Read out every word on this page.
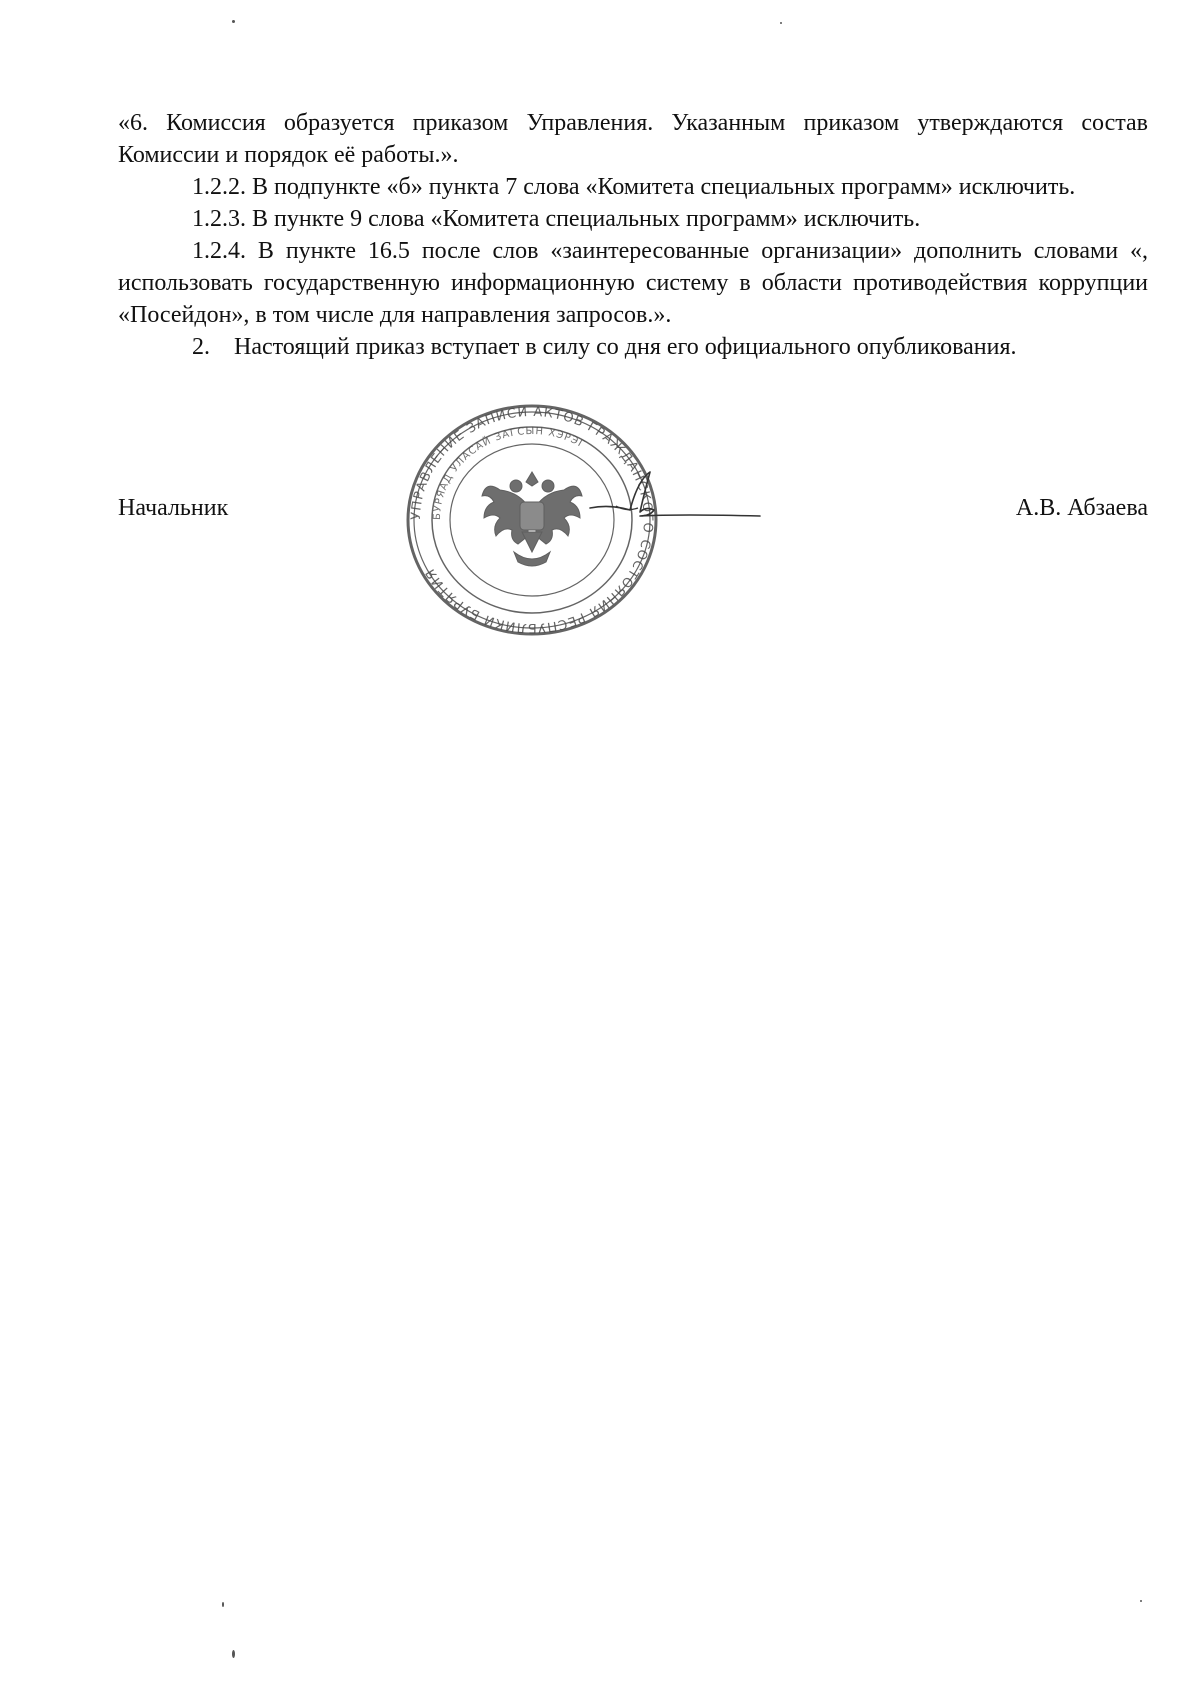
«6. Комиссия образуется приказом Управления. Указанным приказом утверждаются состав Комиссии и порядок её работы.».

1.2.2. В подпункте «б» пункта 7 слова «Комитета специальных программ» исключить.

1.2.3. В пункте 9 слова «Комитета специальных программ» исключить.

1.2.4. В пункте 16.5 после слов «заинтересованные организации» дополнить словами «, использовать государственную информационную систему в области противодействия коррупции «Посейдон», в том числе для направления запросов.».

2.    Настоящий приказ вступает в силу со дня его официального опубликования.

Начальник	А.В. Абзаева
УПРАВЛЕНИЕ ЗАПИСИ АКТОВ ГРАЖДАНСКОГО СОСТОЯНИЯ РЕСПУБЛИКИ БУРЯТИЯ
БУРЯАД УЛАСАЙ ЗАГСЫН ХЭРЭГ
